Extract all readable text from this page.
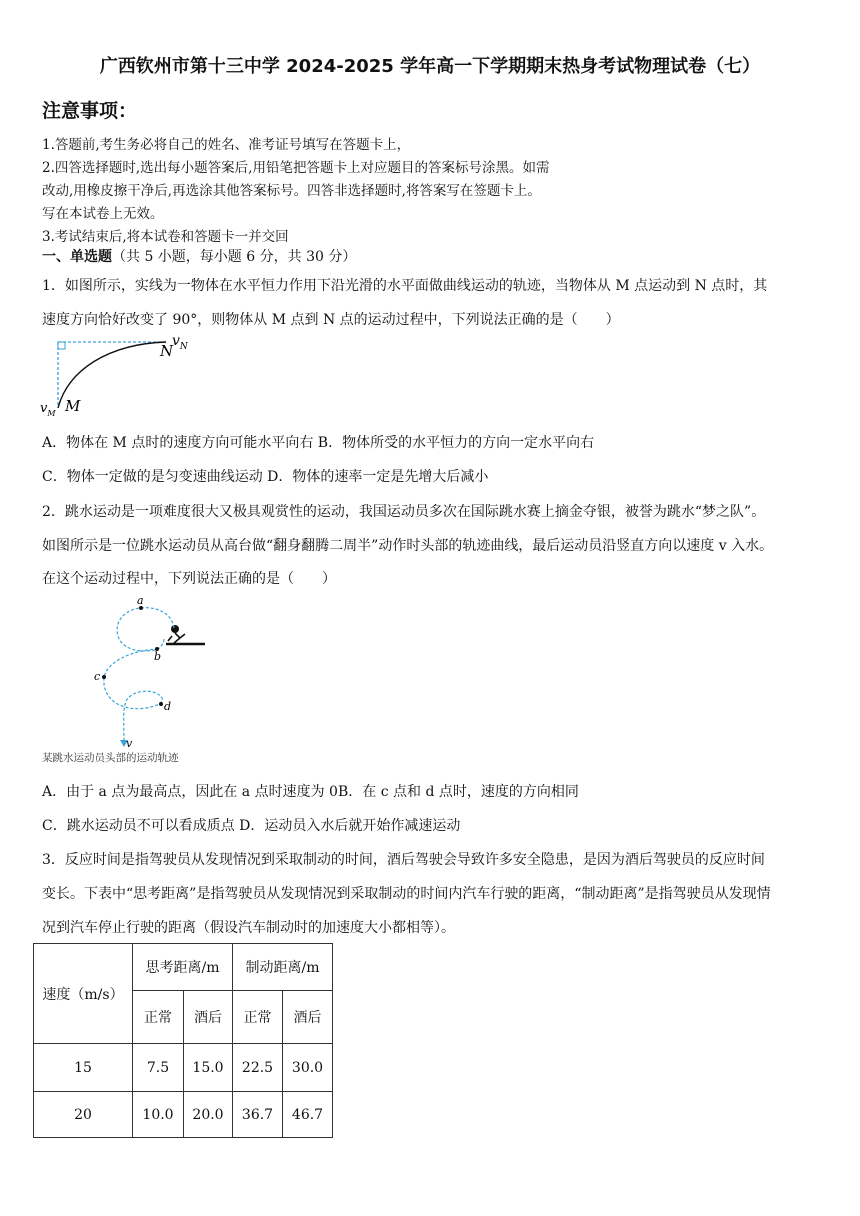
广西钦州市第十三中学 2024-2025 学年高一下学期期末热身考试物理试卷（七）
注意事项：
1.答题前,考生务必将自己的姓名、准考证号填写在答题卡上，
2.四答选择题时,选出每小题答案后,用铅笔把答题卡上对应题目的答案标号涂黑。如需
改动,用橡皮擦干净后,再选涂其他答案标号。四答非选择题时,将答案写在签题卡上。
写在本试卷上无效。
3.考试结束后,将本试卷和答题卡一并交回
一、单选题（共 5 小题，每小题 6 分，共 30 分）
1．如图所示，实线为一物体在水平恒力作用下沿光滑的水平面做曲线运动的轨迹，当物体从 M 点运动到 N 点时，其
速度方向恰好改变了 90°，则物体从 M 点到 N 点的运动过程中，下列说法正确的是（　　）
$v_N$
N
$v_M$ M
A．物体在 M 点时的速度方向可能水平向右 B．物体所受的水平恒力的方向一定水平向右
C．物体一定做的是匀变速曲线运动 D．物体的速率一定是先增大后减小
2．跳水运动是一项难度很大又极具观赏性的运动，我国运动员多次在国际跳水赛上摘金夺银，被誉为跳水“梦之队”。
如图所示是一位跳水运动员从高台做“翻身翻腾二周半”动作时头部的轨迹曲线，最后运动员沿竖直方向以速度 v 入水。
在这个运动过程中，下列说法正确的是（　　）
a
b
c
d
v
某跳水运动员头部的运动轨迹
A．由于 a 点为最高点，因此在 a 点时速度为 0B．在 c 点和 d 点时，速度的方向相同
C．跳水运动员不可以看成质点 D．运动员入水后就开始作减速运动
3．反应时间是指驾驶员从发现情况到采取制动的时间，酒后驾驶会导致许多安全隐患，是因为酒后驾驶员的反应时间
变长。下表中“思考距离”是指驾驶员从发现情况到采取制动的时间内汽车行驶的距离，“制动距离”是指驾驶员从发现情
况到汽车停止行驶的距离（假设汽车制动时的加速度大小都相等）。
速度（m/s）	思考距离/m		制动距离/m	
	正常	酒后	正常	酒后
15	7.5	15.0	22.5	30.0
20	10.0	20.0	36.7	46.7
